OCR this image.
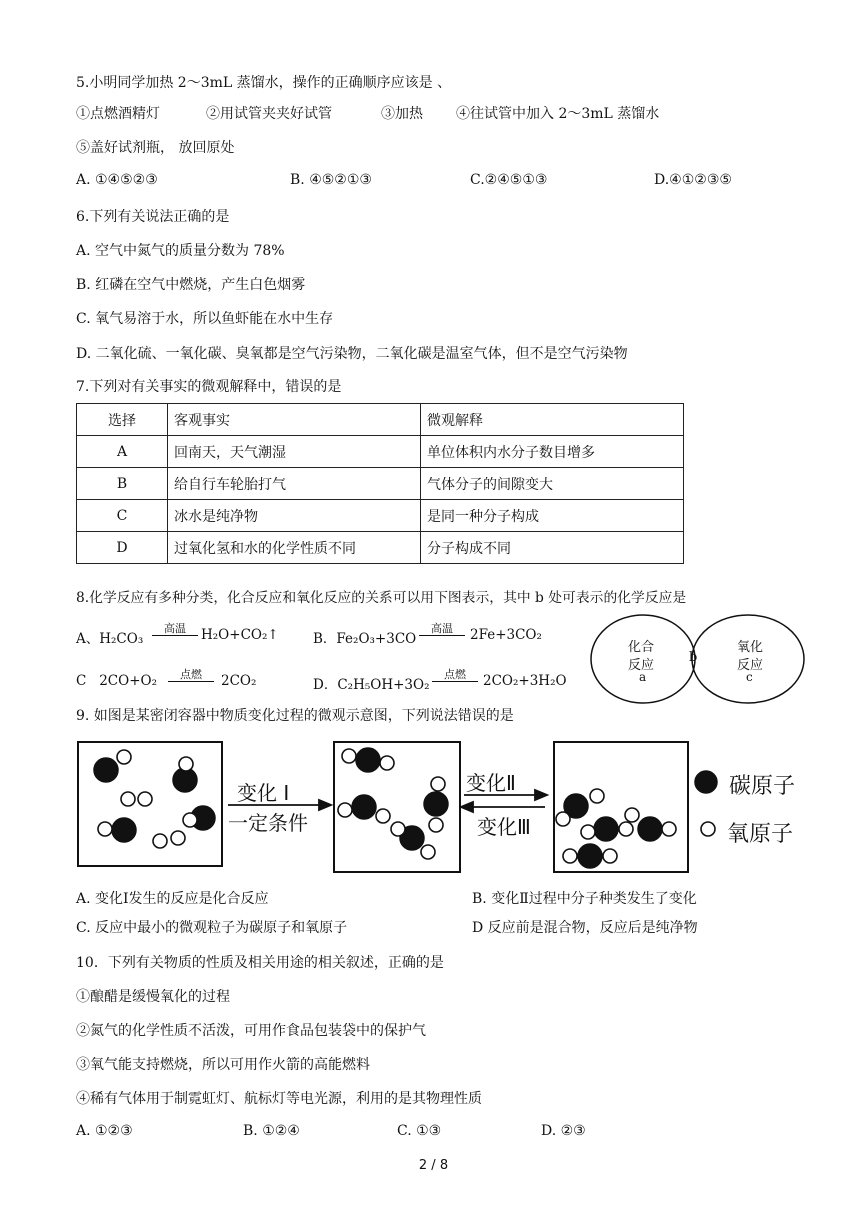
5.小明同学加热 2～3mL 蒸馏水，操作的正确顺序应该是 、
①点燃酒精灯	②用试管夹夹好试管	③加热 ④往试管中加入 2～3mL 蒸馏水
⑤盖好试剂瓶， 放回原处
A. ①④⑤②③	B. ④⑤②①③	C.②④⑤①③	D.④①②③⑤
6.下列有关说法正确的是
A. 空气中氮气的质量分数为 78%
B. 红磷在空气中燃烧，产生白色烟雾
C. 氧气易溶于水，所以鱼虾能在水中生存
D. 二氧化硫、一氧化碳、臭氧都是空气污染物，二氧化碳是温室气体，但不是空气污染物
7.下列对有关事实的微观解释中，错误的是
选择	客观事实	微观解释
A	回南天，天气潮湿	单位体积内水分子数目增多
B	给自行车轮胎打气	气体分子的间隙变大
C	冰水是纯净物	是同一种分子构成
D	过氧化氢和水的化学性质不同	分子构成不同
8.化学反应有多种分类，化合反应和氧化反应的关系可以用下图表示，其中 b 处可表示的化学反应是
A、H₂CO₃
高温	H₂O+CO₂↑	B．Fe₂O₃+3CO
高温	2Fe+3CO₂
C 2CO+O₂	点燃	2CO₂	D．C₂H₅OH+3O₂
点燃	2CO₂+3H₂O
化合
反应
a
b
氧化
反应
c
9. 如图是某密闭容器中物质变化过程的微观示意图，下列说法错误的是
变化 I
一定条件
变化Ⅱ
变化Ⅲ
碳原子
氧原子
A. 变化Ⅰ发生的反应是化合反应	B. 变化Ⅱ过程中分子种类发生了变化
C. 反应中最小的微观粒子为碳原子和氧原子	D 反应前是混合物，反应后是纯净物
10．下列有关物质的性质及相关用途的相关叙述，正确的是
①酿醋是缓慢氧化的过程
②氮气的化学性质不活泼，可用作食品包装袋中的保护气
③氧气能支持燃烧，所以可用作火箭的高能燃料
④稀有气体用于制霓虹灯、航标灯等电光源，利用的是其物理性质
A. ①②③	B. ①②④	C. ①③	D. ②③
2 / 8
